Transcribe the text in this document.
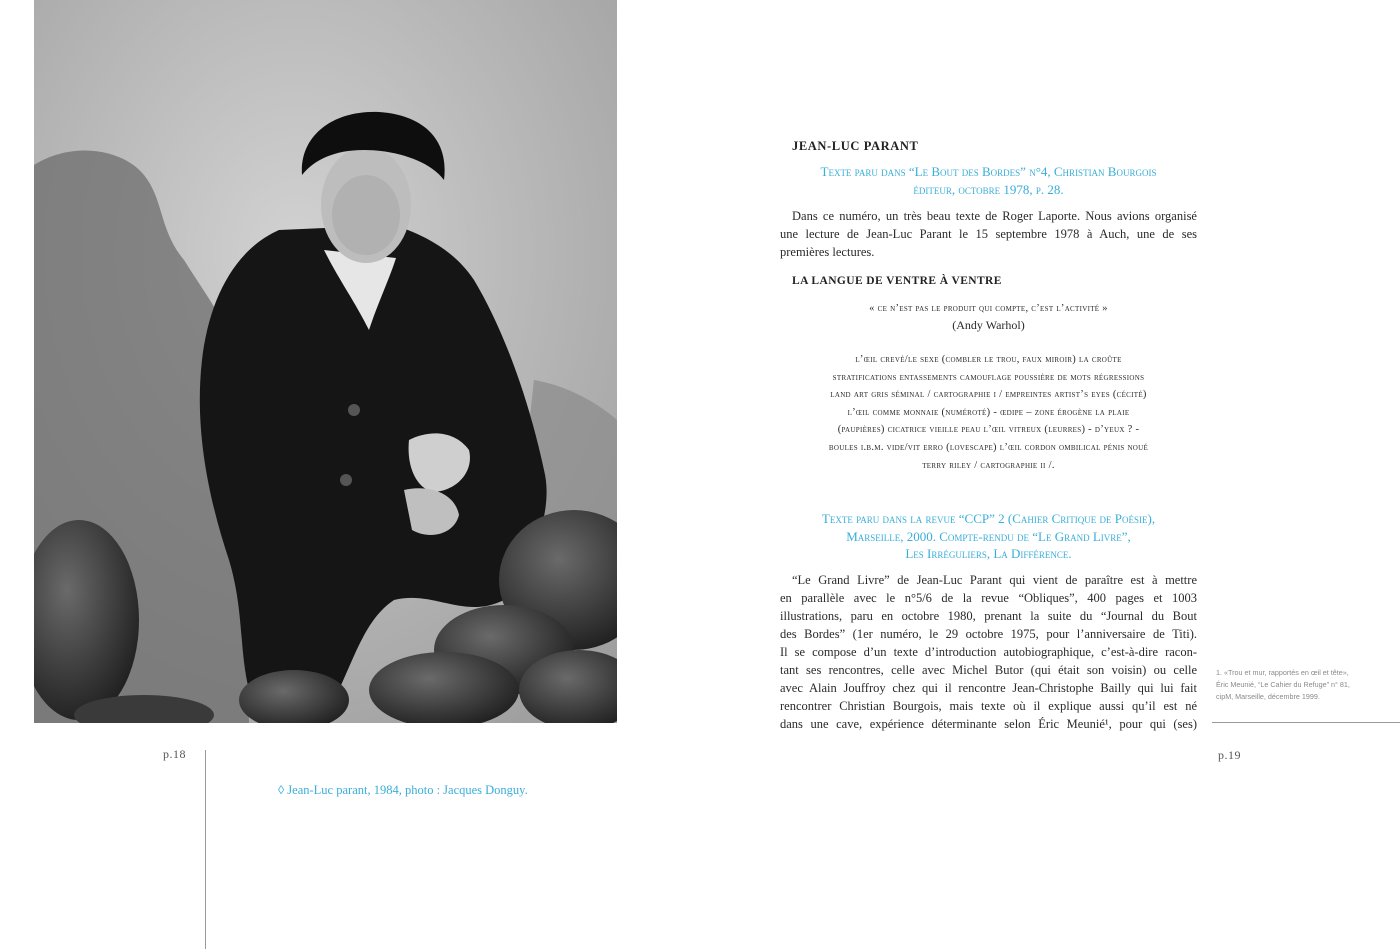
p.18
◊ Jean-Luc parant, 1984, photo : Jacques Donguy.
JEAN-LUC PARANT

Texte paru dans “Le Bout des Bordes” n°4, Christian Bourgois

éditeur, octobre 1978, p. 28.

Dans ce numéro, un très beau texte de Roger Laporte. Nous avions organisé

une lecture de Jean-Luc Parant le 15 septembre 1978 à Auch, une de ses

premières lectures.

LA LANGUE DE VENTRE À VENTRE
« ce n’est pas le produit qui compte, c’est l’activité »
(Andy Warhol)
l’œil crevé/le sexe (combler le trou, faux miroir) la croûte
stratifications entassements camouflage poussière de mots régressions
land art gris séminal / cartographie i / empreintes artist’s eyes (cécité)
l’œil comme monnaie (numéroté) - œdipe – zone érogène la plaie
(paupières) cicatrice vieille peau l’œil vitreux (leurres) - d’yeux ? -
boules i.b.m. vide/vit erro (lovescape) l’œil cordon ombilical pénis noué
terry riley / cartographie ii /.

Texte paru dans la revue “CCP” 2 (Cahier Critique de Poésie),

Marseille, 2000. Compte-rendu de “Le Grand Livre”,

Les Irréguliers, La Différence.

“Le Grand Livre” de Jean-Luc Parant qui vient de paraître est à mettre
en parallèle avec le n°5/6 de la revue “Obliques”, 400 pages et 1003
illustrations, paru en octobre 1980, prenant la suite du “Journal du Bout
des Bordes” (1er numéro, le 29 octobre 1975, pour l’anniversaire de Titi).
Il se compose d’un texte d’introduction autobiographique, c’est-à-dire racon-
tant ses rencontres, celle avec Michel Butor (qui était son voisin) ou celle
avec Alain Jouffroy chez qui il rencontre Jean-Christophe Bailly qui lui fait
rencontrer Christian Bourgois, mais texte où il explique aussi qu’il est né
dans une cave, expérience déterminante selon Éric Meunié¹, pour qui (ses)
1. «Trou et mur, rapportés en œil et tête»,
Éric Meunié, “Le Cahier du Refuge” n° 81,
cipM, Marseille, décembre 1999.
p.19
